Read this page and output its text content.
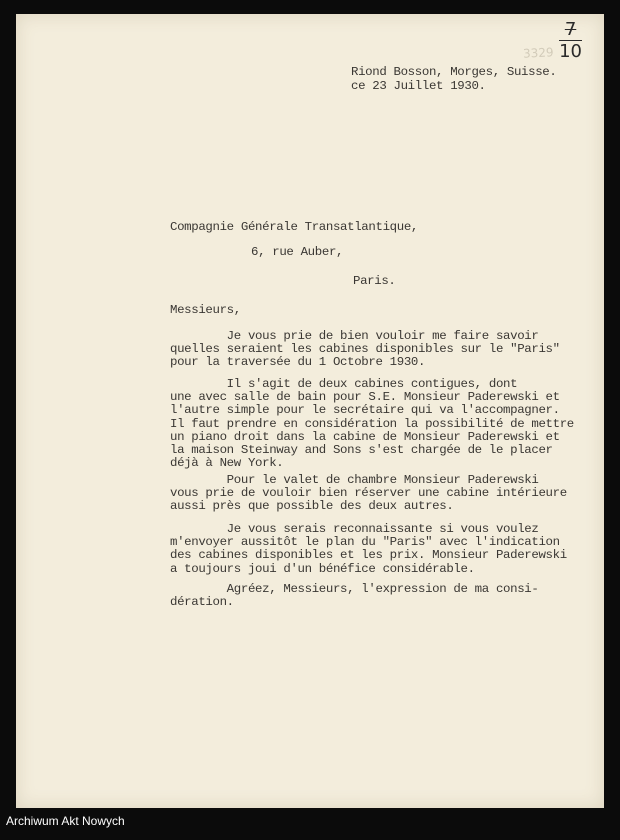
3329
7
10
Riond Bosson, Morges, Suisse.
ce 23 Juillet 1930.
Compagnie Générale Transatlantique,
6, rue Auber,
Paris.
Messieurs,
Je vous prie de bien vouloir me faire savoir
quelles seraient les cabines disponibles sur le "Paris"
pour la traversée du 1 Octobre 1930.
Il s'agit de deux cabines contigues, dont
une avec salle de bain pour S.E. Monsieur Paderewski et
l'autre simple pour le secrétaire qui va l'accompagner.
Il faut prendre en considération la possibilité de mettre
un piano droit dans la cabine de Monsieur Paderewski et
la maison Steinway and Sons s'est chargée de le placer
déjà à New York.
Pour le valet de chambre Monsieur Paderewski
vous prie de vouloir bien réserver une cabine intérieure
aussi près que possible des deux autres.
Je vous serais reconnaissante si vous voulez
m'envoyer aussitôt le plan du "Paris" avec l'indication
des cabines disponibles et les prix. Monsieur Paderewski
a toujours joui d'un bénéfice considérable.
Agréez, Messieurs, l'expression de ma consi-
dération.
Archiwum Akt Nowych
